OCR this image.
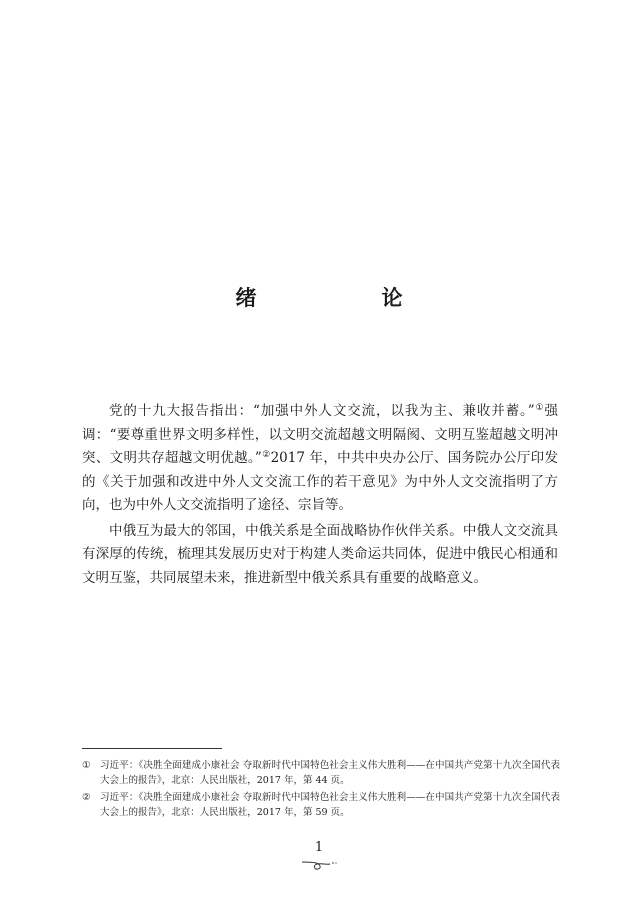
绪　论

党的十九大报告指出：“加强中外人文交流，以我为主、兼收并蓄。”①强调：“要尊重世界文明多样性，以文明交流超越文明隔阂、文明互鉴超越文明冲突、文明共存超越文明优越。”②2017 年，中共中央办公厅、国务院办公厅印发的《关于加强和改进中外人文交流工作的若干意见》为中外人文交流指明了方向，也为中外人文交流指明了途径、宗旨等。

中俄互为最大的邻国，中俄关系是全面战略协作伙伴关系。中俄人文交流具有深厚的传统，梳理其发展历史对于构建人类命运共同体，促进中俄民心相通和文明互鉴，共同展望未来，推进新型中俄关系具有重要的战略意义。

① 习近平：《决胜全面建成小康社会 夺取新时代中国特色社会主义伟大胜利——在中国共产党第十九次全国代表大会上的报告》，北京：人民出版社，2017 年，第 44 页。
② 习近平：《决胜全面建成小康社会 夺取新时代中国特色社会主义伟大胜利——在中国共产党第十九次全国代表大会上的报告》，北京：人民出版社，2017 年，第 59 页。
1
